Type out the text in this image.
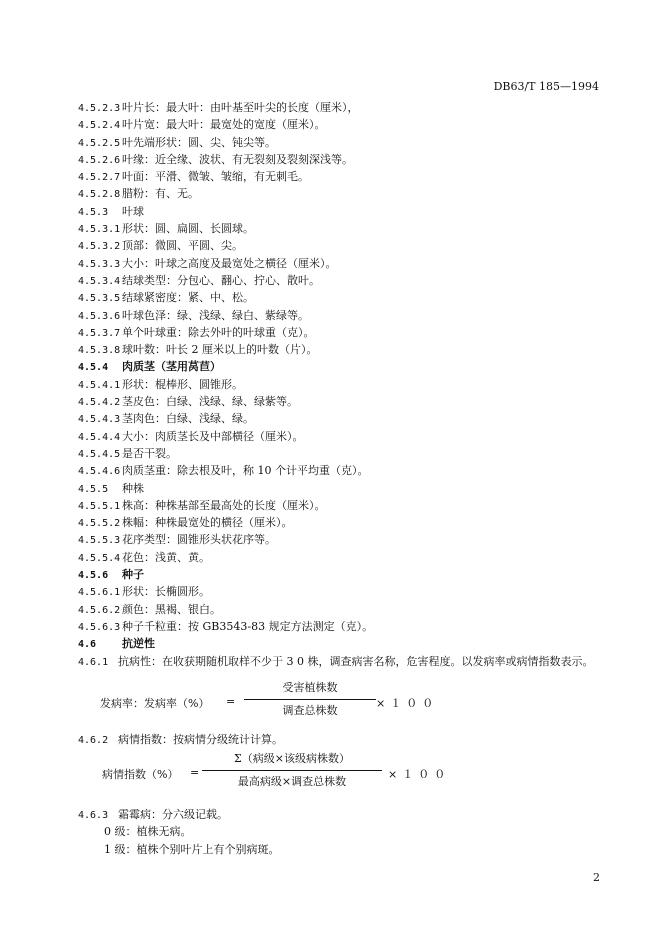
DB63/T 185—1994
4.5.2.3 叶片长：最大叶：由叶基至叶尖的长度（厘米），
4.5.2.4 叶片宽：最大叶：最宽处的宽度（厘米）。
4.5.2.5 叶先端形状：圆、尖、钝尖等。
4.5.2.6 叶缘：近全缘、波状、有无裂刻及裂刻深浅等。
4.5.2.7 叶面：平滑、微皱、皱缩，有无刺毛。
4.5.2.8 腊粉：有、无。
4.5.3 叶球
4.5.3.1 形状：圆、扁圆、长圆球。
4.5.3.2 顶部：微圆、平圆、尖。
4.5.3.3 大小：叶球之高度及最宽处之横径（厘米）。
4.5.3.4 结球类型：分包心、翻心、拧心、散叶。
4.5.3.5 结球紧密度：紧、中、松。
4.5.3.6 叶球色泽：绿、浅绿、绿白、紫绿等。
4.5.3.7 单个叶球重：除去外叶的叶球重（克）。
4.5.3.8 球叶数：叶长 2 厘米以上的叶数（片）。
4.5.4 肉质茎（茎用莴苣）
4.5.4.1 形状：棍棒形、圆锥形。
4.5.4.2 茎皮色：白绿、浅绿、绿、绿紫等。
4.5.4.3 茎肉色：白绿、浅绿、绿。
4.5.4.4 大小：肉质茎长及中部横径（厘米）。
4.5.4.5 是否干裂。
4.5.4.6 肉质茎重：除去根及叶，称 10 个计平均重（克）。
4.5.5 种株
4.5.5.1 株高：种株基部至最高处的长度（厘米）。
4.5.5.2 株幅：种株最宽处的横径（厘米）。
4.5.5.3 花序类型：圆锥形头状花序等。
4.5.5.4 花色：浅黄、黄。
4.5.6 种子
4.5.6.1 形状：长椭圆形。
4.5.6.2 颜色：黑褐、银白。
4.5.6.3 种子千粒重：按 GB3543-83 规定方法测定（克）。
4.6 抗逆性
4.6.1 抗病性：在收获期随机取样不少于 3 0 株，调查病害名称，危害程度。以发病率或病情指数表示。
发病率：发病率（%） =
受害植株数
调查总株数
×１００
4.6.2 病情指数：按病情分级统计计算。
病情指数（%） =
Σ（病级×该级病株数）
最高病级×调查总株数
×１００
4.6.3 霜霉病：分六级记载。
0 级：植株无病。
1 级：植株个别叶片上有个别病斑。
2
